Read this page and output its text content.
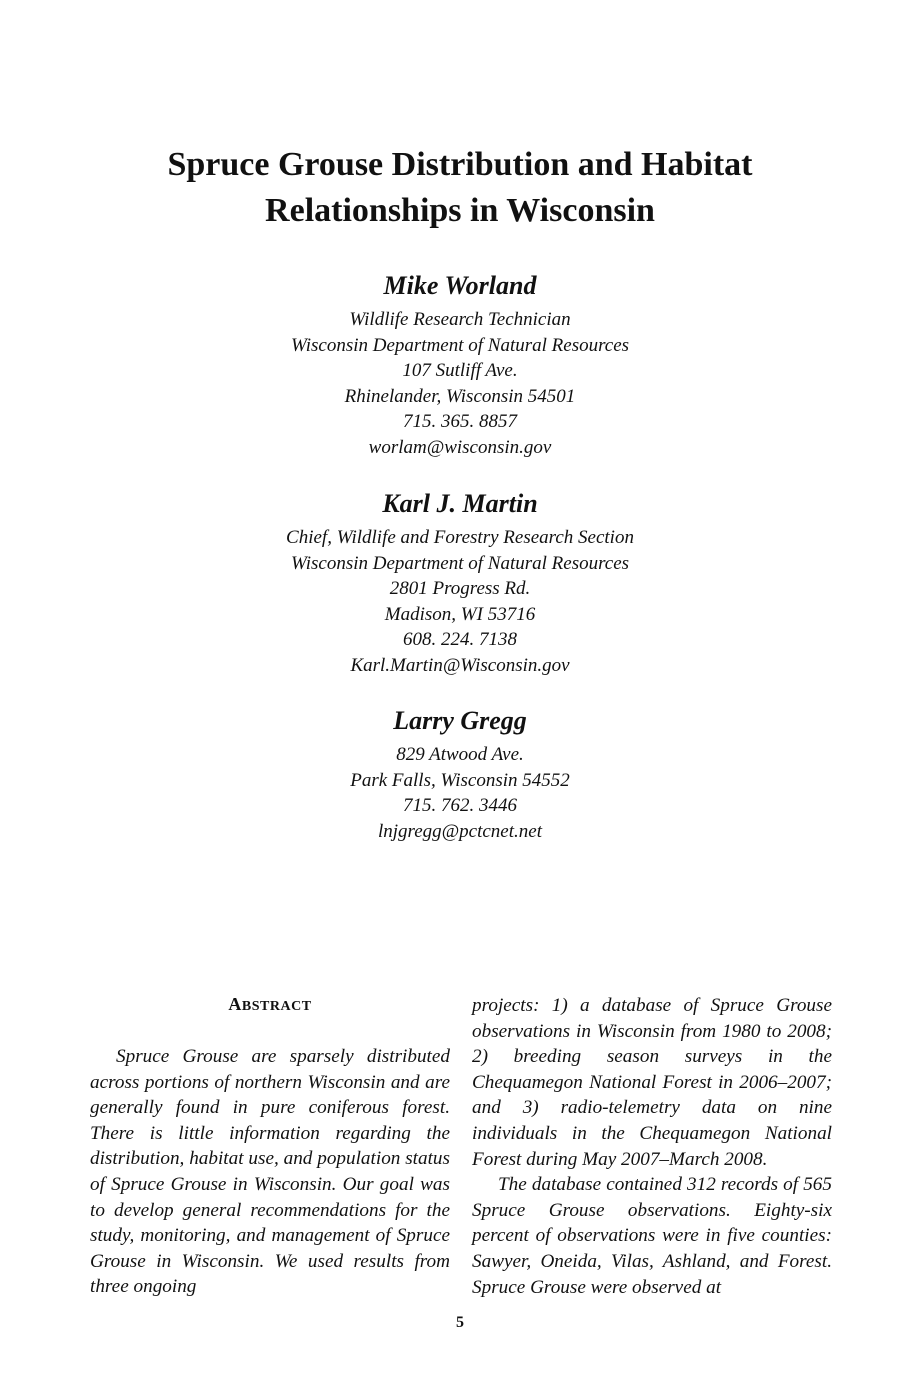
Spruce Grouse Distribution and Habitat
Relationships in Wisconsin
Mike Worland
Wildlife Research Technician
Wisconsin Department of Natural Resources
107 Sutliff Ave.
Rhinelander, Wisconsin 54501
715. 365. 8857
worlam@wisconsin.gov
Karl J. Martin
Chief, Wildlife and Forestry Research Section
Wisconsin Department of Natural Resources
2801 Progress Rd.
Madison, WI 53716
608. 224. 7138
Karl.Martin@Wisconsin.gov
Larry Gregg
829 Atwood Ave.
Park Falls, Wisconsin 54552
715. 762. 3446
lnjgregg@pctcnet.net
ABSTRACT

Spruce Grouse are sparsely distributed across portions of northern Wisconsin and are generally found in pure coniferous forest. There is little information regarding the distribution, habitat use, and population status of Spruce Grouse in Wisconsin. Our goal was to develop general recommendations for the study, monitoring, and management of Spruce Grouse in Wisconsin. We used results from three ongoing

projects: 1) a database of Spruce Grouse observations in Wisconsin from 1980 to 2008; 2) breeding season surveys in the Chequamegon National Forest in 2006–2007; and 3) radio-telemetry data on nine individuals in the Chequamegon National Forest during May 2007–March 2008.

The database contained 312 records of 565 Spruce Grouse observations. Eighty-six percent of observations were in five counties: Sawyer, Oneida, Vilas, Ashland, and Forest. Spruce Grouse were observed at

5
